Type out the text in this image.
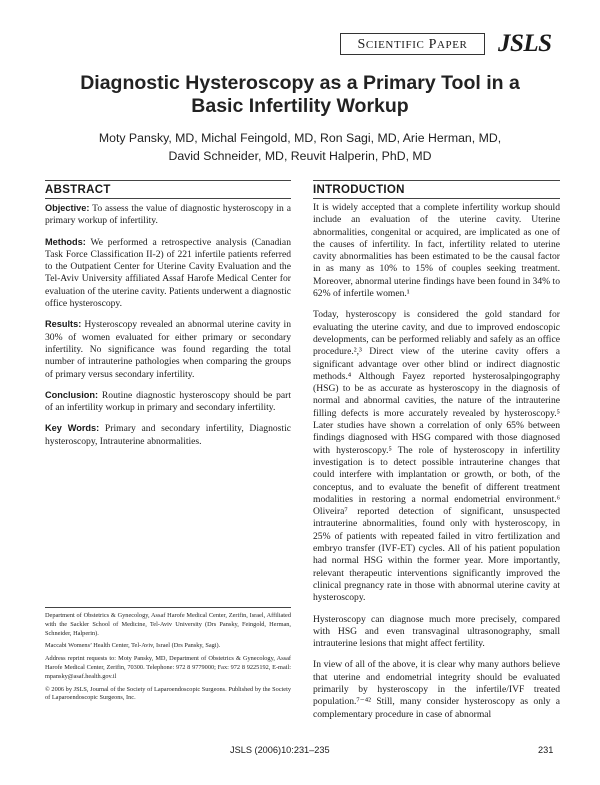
SCIENTIFIC PAPER	JSLS
Diagnostic Hysteroscopy as a Primary Tool in a
Basic Infertility Workup
Moty Pansky, MD, Michal Feingold, MD, Ron Sagi, MD, Arie Herman, MD,
David Schneider, MD, Reuvit Halperin, PhD, MD
ABSTRACT

Objective: To assess the value of diagnostic hysteroscopy in a primary workup of infertility.

Methods: We performed a retrospective analysis (Canadian Task Force Classification II-2) of 221 infertile patients referred to the Outpatient Center for Uterine Cavity Evaluation and the Tel-Aviv University affiliated Assaf Harofe Medical Center for evaluation of the uterine cavity. Patients underwent a diagnostic office hysteroscopy.

Results: Hysteroscopy revealed an abnormal uterine cavity in 30% of women evaluated for either primary or secondary infertility. No significance was found regarding the total number of intrauterine pathologies when comparing the groups of primary versus secondary infertility.

Conclusion: Routine diagnostic hysteroscopy should be part of an infertility workup in primary and secondary infertility.

Key Words: Primary and secondary infertility, Diagnostic hysteroscopy, Intrauterine abnormalities.

Department of Obstetrics & Gynecology, Assaf Harofe Medical Center, Zerifin, Israel, Affiliated with the Sackler School of Medicine, Tel-Aviv University (Drs Pansky, Feingold, Herman, Schneider, Halperin).

Maccabi Womens’ Health Center, Tel-Aviv, Israel (Drs Pansky, Sagi).

Address reprint requests to: Moty Pansky, MD, Department of Obstetrics & Gynecology, Assaf Harofe Medical Center, Zerifin, 70300. Telephone: 972 8 9779000; Fax: 972 8 9225192, E-mail: mpansky@asaf.health.gov.il

© 2006 by JSLS, Journal of the Society of Laparoendoscopic Surgeons. Published by the Society of Laparoendoscopic Surgeons, Inc.

INTRODUCTION

It is widely accepted that a complete infertility workup should include an evaluation of the uterine cavity. Uterine abnormalities, congenital or acquired, are implicated as one of the causes of infertility. In fact, infertility related to uterine cavity abnormalities has been estimated to be the causal factor in as many as 10% to 15% of couples seeking treatment. Moreover, abnormal uterine findings have been found in 34% to 62% of infertile women.¹

Today, hysteroscopy is considered the gold standard for evaluating the uterine cavity, and due to improved endoscopic developments, can be performed reliably and safely as an office procedure.²,³ Direct view of the uterine cavity offers a significant advantage over other blind or indirect diagnostic methods.⁴ Although Fayez reported hysterosalpingography (HSG) to be as accurate as hysteroscopy in the diagnosis of normal and abnormal cavities, the nature of the intrauterine filling defects is more accurately revealed by hysteroscopy.⁵ Later studies have shown a correlation of only 65% between findings diagnosed with HSG compared with those diagnosed with hysteroscopy.⁵ The role of hysteroscopy in infertility investigation is to detect possible intrauterine changes that could interfere with implantation or growth, or both, of the conceptus, and to evaluate the benefit of different treatment modalities in restoring a normal endometrial environment.⁶ Oliveira⁷ reported detection of significant, unsuspected intrauterine abnormalities, found only with hysteroscopy, in 25% of patients with repeated failed in vitro fertilization and embryo transfer (IVF-ET) cycles. All of his patient population had normal HSG within the former year. More importantly, relevant therapeutic interventions significantly improved the clinical pregnancy rate in those with abnormal uterine cavity at hysteroscopy.

Hysteroscopy can diagnose much more precisely, compared with HSG and even transvaginal ultrasonography, small intrauterine lesions that might affect fertility.

In view of all of the above, it is clear why many authors believe that uterine and endometrial integrity should be evaluated primarily by hysteroscopy in the infertile/IVF treated population.⁷⁻⁴² Still, many consider hysteroscopy as only a complementary procedure in case of abnormal

JSLS (2006)10:231–235	231
